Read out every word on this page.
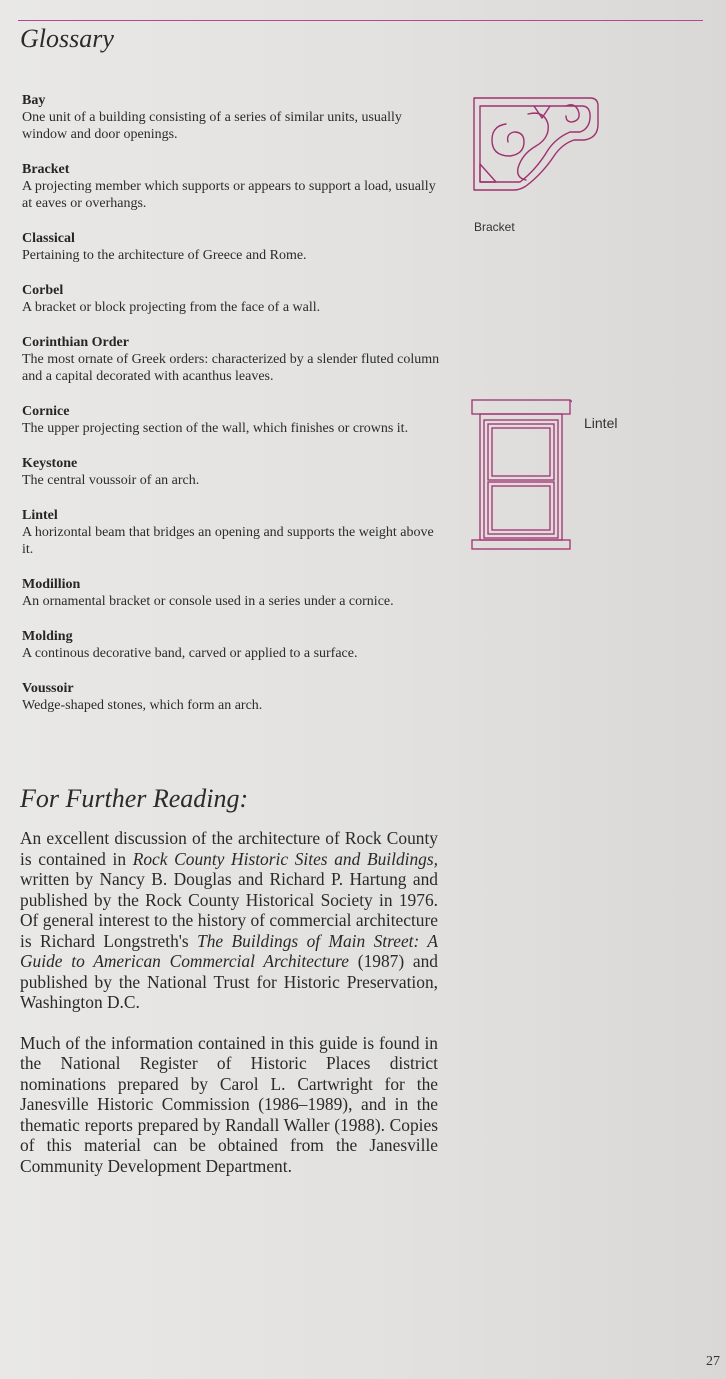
Glossary
Bay
One unit of a building consisting of a series of similar units, usually window and door openings.
Bracket
A projecting member which supports or appears to support a load, usually at eaves or overhangs.
Classical
Pertaining to the architecture of Greece and Rome.
Corbel
A bracket or block projecting from the face of a wall.
Corinthian Order
The most ornate of Greek orders: characterized by a slender fluted column and a capital decorated with acanthus leaves.
Cornice
The upper projecting section of the wall, which finishes or crowns it.
Keystone
The central voussoir of an arch.
Lintel
A horizontal beam that bridges an opening and supports the weight above it.
Modillion
An ornamental bracket or console used in a series under a cornice.
Molding
A continous decorative band, carved or applied to a surface.
Voussoir
Wedge-shaped stones, which form an arch.
Bracket
Lintel
For Further Reading:

An excellent discussion of the architecture of Rock County is contained in Rock County Historic Sites and Buildings, written by Nancy B. Douglas and Richard P. Hartung and published by the Rock County Historical Society in 1976. Of general interest to the history of commercial architecture is Richard Longstreth's The Buildings of Main Street: A Guide to American Commercial Architecture (1987) and published by the National Trust for Historic Preservation, Washington D.C.

Much of the information contained in this guide is found in the National Register of Historic Places district nominations prepared by Carol L. Cartwright for the Janesville Historic Commission (1986–1989), and in the thematic reports prepared by Randall Waller (1988). Copies of this material can be obtained from the Janesville Community Development Department.

27
